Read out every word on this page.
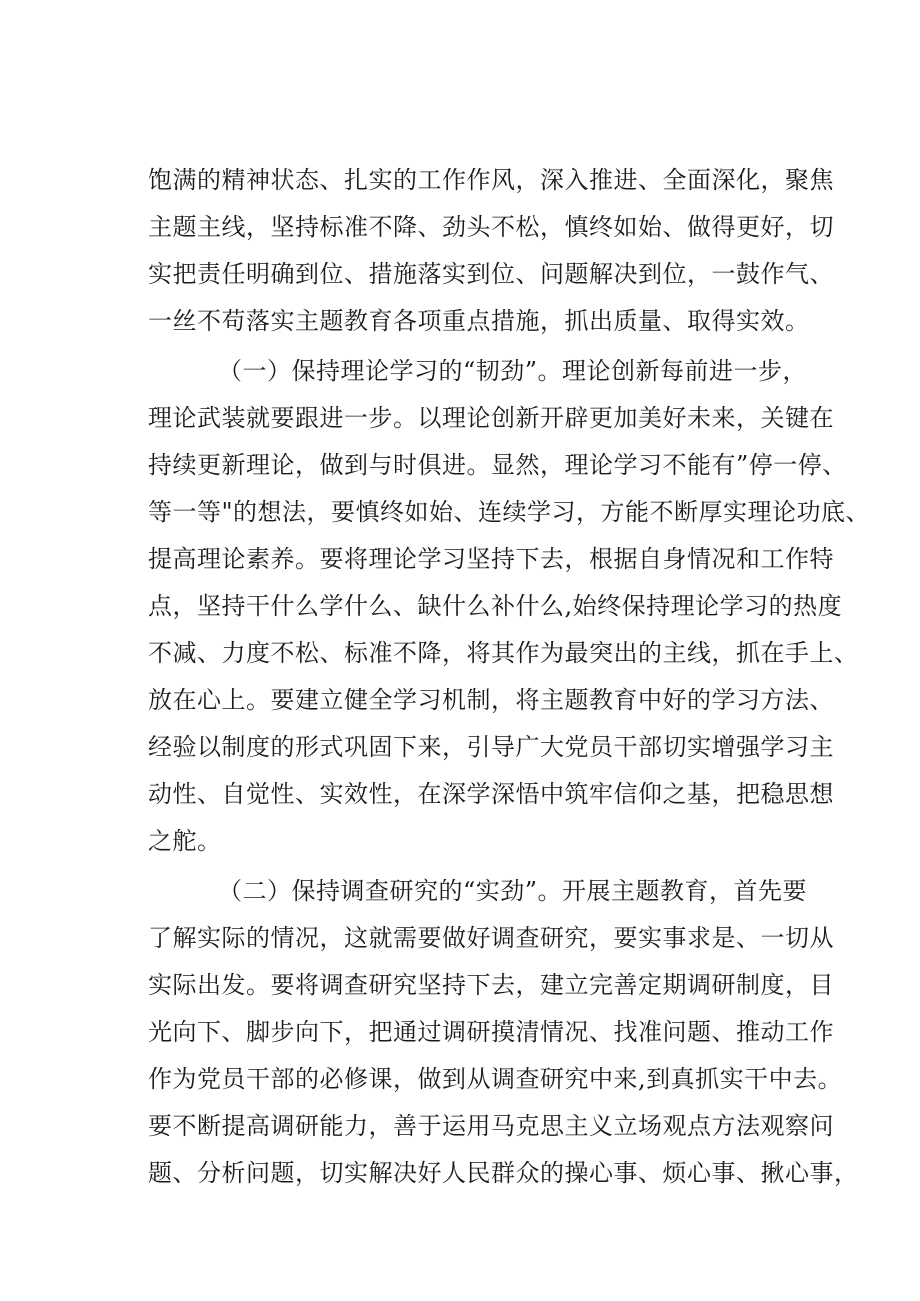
饱满的精神状态、扎实的工作作风，深入推进、全面深化，聚焦
主题主线，坚持标准不降、劲头不松，慎终如始、做得更好，切
实把责任明确到位、措施落实到位、问题解决到位，一鼓作气、
一丝不苟落实主题教育各项重点措施，抓出质量、取得实效。
（一）保持理论学习的“韧劲”。理论创新每前进一步，
理论武装就要跟进一步。以理论创新开辟更加美好未来，关键在
持续更新理论，做到与时俱进。显然，理论学习不能有”停一停、
等一等"的想法，要慎终如始、连续学习，方能不断厚实理论功底、
提高理论素养。要将理论学习坚持下去，根据自身情况和工作特
点，坚持干什么学什么、缺什么补什么,始终保持理论学习的热度
不减、力度不松、标准不降，将其作为最突出的主线，抓在手上、
放在心上。要建立健全学习机制，将主题教育中好的学习方法、
经验以制度的形式巩固下来，引导广大党员干部切实增强学习主
动性、自觉性、实效性，在深学深悟中筑牢信仰之基，把稳思想
之舵。
（二）保持调查研究的“实劲”。开展主题教育，首先要
了解实际的情况，这就需要做好调查研究，要实事求是、一切从
实际出发。要将调查研究坚持下去，建立完善定期调研制度，目
光向下、脚步向下，把通过调研摸清情况、找准问题、推动工作
作为党员干部的必修课，做到从调查研究中来,到真抓实干中去。
要不断提高调研能力，善于运用马克思主义立场观点方法观察问
题、分析问题，切实解决好人民群众的操心事、烦心事、揪心事，
